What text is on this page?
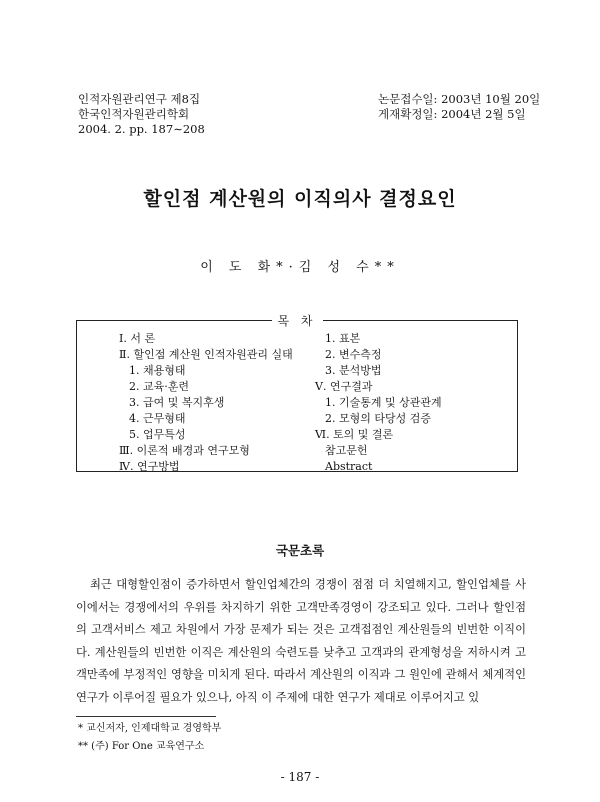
인적자원관리연구 제8집
한국인적자원관리학회
2004. 2. pp. 187∼208
논문접수일: 2003년 10월 20일
게재확정일: 2004년 2월 5일
할인점 계산원의 이직의사 결정요인
이 도 화*·김 성 수**
목 차
Ⅰ. 서 론
Ⅱ. 할인점 계산원 인적자원관리 실태
1. 채용형태
2. 교육·훈련
3. 급여 및 복지후생
4. 근무형태
5. 업무특성
Ⅲ. 이론적 배경과 연구모형
Ⅳ. 연구방법
1. 표본
2. 변수측정
3. 분석방법
Ⅴ. 연구결과
1. 기술통계 및 상관관계
2. 모형의 타당성 검증
Ⅵ. 토의 및 결론
참고문헌
Abstract
국문초록
최근 대형할인점이 증가하면서 할인업체간의 경쟁이 점점 더 치열해지고, 할인업체를 사이에서는 경쟁에서의 우위를 차지하기 위한 고객만족경영이 강조되고 있다. 그러나 할인점의 고객서비스 제고 차원에서 가장 문제가 되는 것은 고객접점인 계산원들의 빈번한 이직이다. 계산원들의 빈번한 이직은 계산원의 숙련도를 낮추고 고객과의 관계형성을 저하시켜 고객만족에 부정적인 영향을 미치게 된다. 따라서 계산원의 이직과 그 원인에 관해서 체계적인 연구가 이루어질 필요가 있으나, 아직 이 주제에 대한 연구가 제대로 이루어지고 있
* 교신저자, 인제대학교 경영학부
** (주) For One 교육연구소
- 187 -
